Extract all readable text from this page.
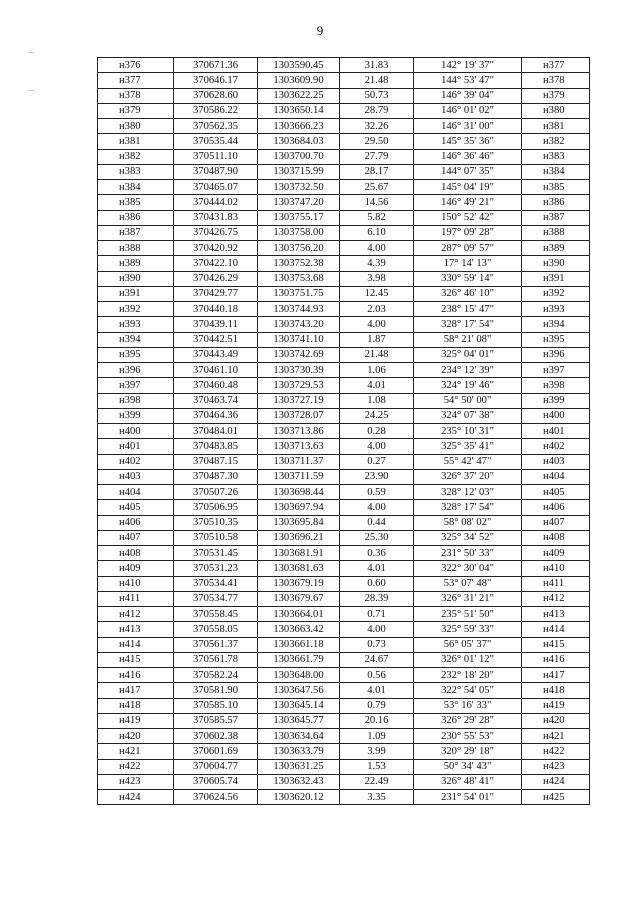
9
н376	370671.36	1303590.45	31.83	142° 19' 37"	н377
н377	370646.17	1303609.90	21.48	144° 53' 47"	н378
н378	370628.60	1303622.25	50.73	146° 39' 04"	н379
н379	370586.22	1303650.14	28.79	146° 01' 02"	н380
н380	370562.35	1303666.23	32.26	146° 31' 00"	н381
н381	370535.44	1303684.03	29.50	145° 35' 36"	н382
н382	370511.10	1303700.70	27.79	146° 36' 46"	н383
н383	370487.90	1303715.99	28.17	144° 07' 35"	н384
н384	370465.07	1303732.50	25.67	145° 04' 19"	н385
н385	370444.02	1303747.20	14.56	146° 49' 21"	н386
н386	370431.83	1303755.17	5.82	150° 52' 42"	н387
н387	370426.75	1303758.00	6.10	197° 09' 28"	н388
н388	370420.92	1303756.20	4.00	287° 09' 57"	н389
н389	370422.10	1303752.38	4.39	17° 14' 13"	н390
н390	370426.29	1303753.68	3.98	330° 59' 14"	н391
н391	370429.77	1303751.75	12.45	326° 46' 10"	н392
н392	370440.18	1303744.93	2.03	238° 15' 47"	н393
н393	370439.11	1303743.20	4.00	328° 17' 54"	н394
н394	370442.51	1303741.10	1.87	58° 21' 08"	н395
н395	370443.49	1303742.69	21.48	325° 04' 01"	н396
н396	370461.10	1303730.39	1.06	234° 12' 39"	н397
н397	370460.48	1303729.53	4.01	324° 19' 46"	н398
н398	370463.74	1303727.19	1.08	54° 50' 00"	н399
н399	370464.36	1303728.07	24.25	324° 07' 38"	н400
н400	370484.01	1303713.86	0.28	235° 10' 31"	н401
н401	370483.85	1303713.63	4.00	325° 35' 41"	н402
н402	370487.15	1303711.37	0.27	55° 42' 47"	н403
н403	370487.30	1303711.59	23.90	326° 37' 20"	н404
н404	370507.26	1303698.44	0.59	328° 12' 03"	н405
н405	370506.95	1303697.94	4.00	328° 17' 54"	н406
н406	370510.35	1303695.84	0.44	58° 08' 02"	н407
н407	370510.58	1303696.21	25.30	325° 34' 52"	н408
н408	370531.45	1303681.91	0.36	231° 50' 33"	н409
н409	370531.23	1303681.63	4.01	322° 30' 04"	н410
н410	370534.41	1303679.19	0.60	53° 07' 48"	н411
н411	370534.77	1303679.67	28.39	326° 31' 21"	н412
н412	370558.45	1303664.01	0.71	235° 51' 50"	н413
н413	370558.05	1303663.42	4.00	325° 59' 33"	н414
н414	370561.37	1303661.18	0.73	56° 05' 37"	н415
н415	370561.78	1303661.79	24.67	326° 01' 12"	н416
н416	370582.24	1303648.00	0.56	232° 18' 20"	н417
н417	370581.90	1303647.56	4.01	322° 54' 05"	н418
н418	370585.10	1303645.14	0.79	53° 16' 33"	н419
н419	370585.57	1303645.77	20.16	326° 29' 28"	н420
н420	370602.38	1303634.64	1.09	230° 55' 53"	н421
н421	370601.69	1303633.79	3.99	320° 29' 18"	н422
н422	370604.77	1303631.25	1.53	50° 34' 43"	н423
н423	370605.74	1303632.43	22.49	326° 48' 41"	н424
н424	370624.56	1303620.12	3.35	231° 54' 01"	н425
